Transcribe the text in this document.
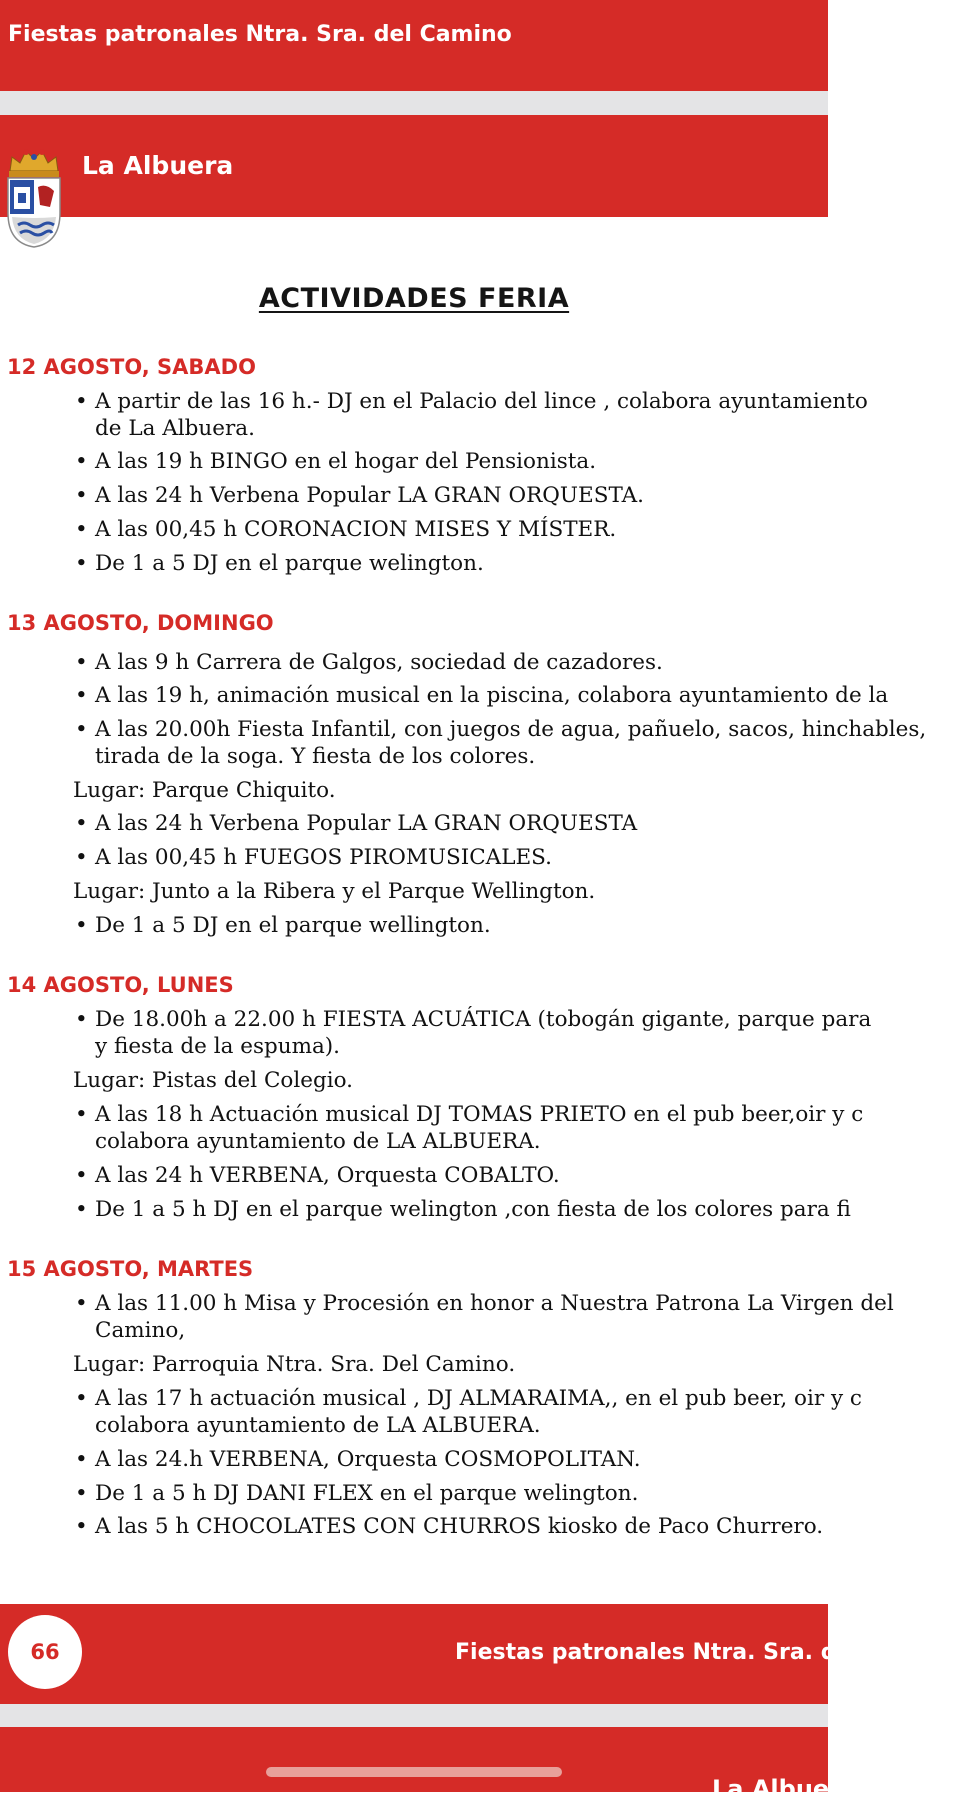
Fiestas patronales Ntra. Sra. del Camino
La Albuera
ACTIVIDADES FERIA
12 AGOSTO, SABADO
• A partir de las 16 h.- DJ en el Palacio del lince , colabora ayuntamiento
de La Albuera.
• A las 19 h BINGO en el hogar del Pensionista.
• A las 24 h Verbena Popular LA GRAN ORQUESTA.
• A las 00,45 h CORONACION MISES Y MÍSTER.
• De 1 a 5 DJ en el parque welington.
13 AGOSTO, DOMINGO
• A las 9 h Carrera de Galgos, sociedad de cazadores.
• A las 19 h, animación musical en la piscina, colabora ayuntamiento de la
• A las 20.00h Fiesta Infantil, con juegos de agua, pañuelo, sacos, hinchables,
tirada de la soga. Y fiesta de los colores.
Lugar: Parque Chiquito.
• A las 24 h Verbena Popular LA GRAN ORQUESTA
• A las 00,45 h FUEGOS PIROMUSICALES.
Lugar: Junto a la Ribera y el Parque Wellington.
• De 1 a 5 DJ en el parque wellington.
14 AGOSTO, LUNES
• De 18.00h a 22.00 h FIESTA ACUÁTICA (tobogán gigante, parque para
y fiesta de la espuma).
Lugar: Pistas del Colegio.
• A las 18 h Actuación musical DJ TOMAS PRIETO en el pub beer,oir y c
colabora ayuntamiento de LA ALBUERA.
• A las 24 h VERBENA, Orquesta COBALTO.
• De 1 a 5 h DJ en el parque welington ,con fiesta de los colores para fi
15 AGOSTO, MARTES
• A las 11.00 h Misa y Procesión en honor a Nuestra Patrona La Virgen del
Camino,
Lugar: Parroquia Ntra. Sra. Del Camino.
• A las 17 h actuación musical , DJ ALMARAIMA,, en el pub beer, oir y c
colabora ayuntamiento de LA ALBUERA.
• A las 24.h VERBENA, Orquesta COSMOPOLITAN.
• De 1 a 5 h DJ DANI FLEX en el parque welington.
• A las 5 h CHOCOLATES CON CHURROS kiosko de Paco Churrero.
Fiestas patronales Ntra. Sra. del Camino
66
La Albuera
